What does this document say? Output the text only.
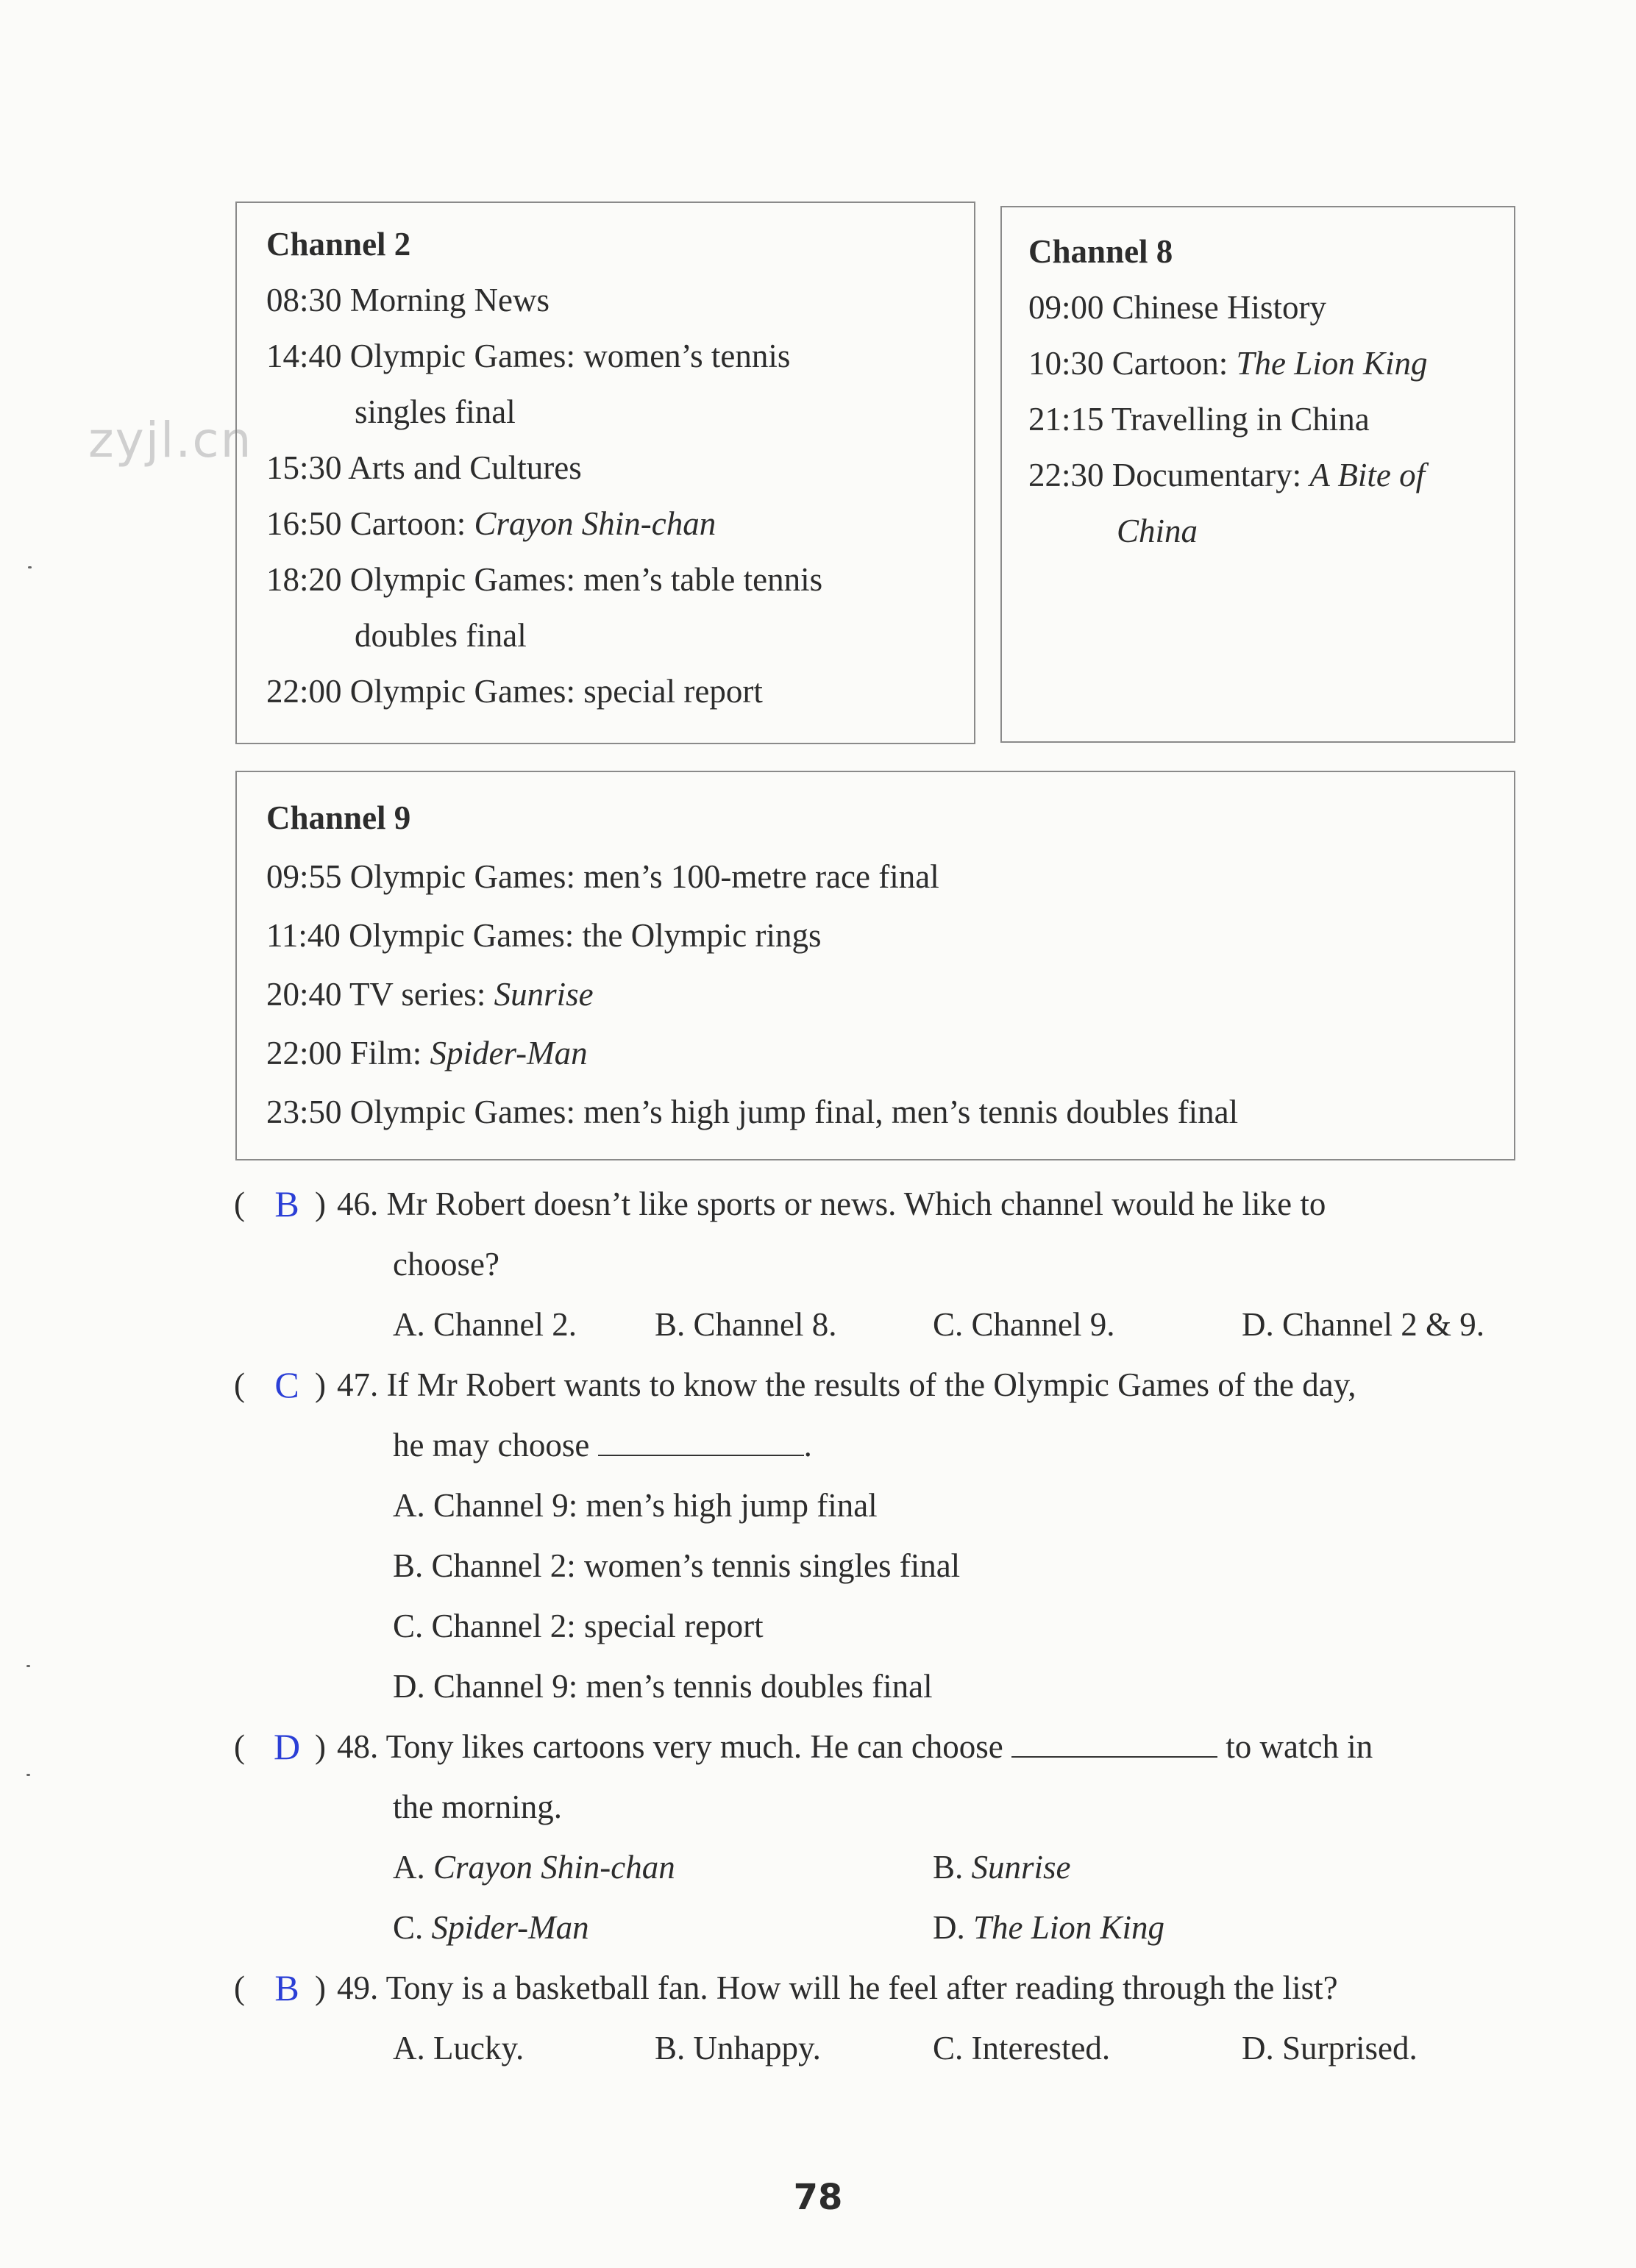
zyjl.cn
Channel 2
08:30 Morning News
14:40 Olympic Games: women’s tennis
singles final
15:30 Arts and Cultures
16:50 Cartoon: Crayon Shin-chan
18:20 Olympic Games: men’s table tennis
doubles final
22:00 Olympic Games: special report
Channel 8
09:00 Chinese History
10:30 Cartoon: The Lion King
21:15 Travelling in China
22:30 Documentary: A Bite of
China
Channel 9
09:55 Olympic Games: men’s 100-metre race final
11:40 Olympic Games: the Olympic rings
20:40 TV series: Sunrise
22:00 Film: Spider-Man
23:50 Olympic Games: men’s high jump final, men’s tennis doubles final
( B ) 46. Mr Robert doesn’t like sports or news. Which channel would he like to
choose?
A. Channel 2. B. Channel 8.	C. Channel 9.	D. Channel 2 & 9.
( C ) 47. If Mr Robert wants to know the results of the Olympic Games of the day,
he may choose	.
A. Channel 9: men’s high jump final
B. Channel 2: women’s tennis singles final
C. Channel 2: special report
D. Channel 9: men’s tennis doubles final
( D ) 48. Tony likes cartoons very much. He can choose	to watch in
the morning.
A. Crayon Shin-chan	B. Sunrise
C. Spider-Man	D. The Lion King
( B ) 49. Tony is a basketball fan. How will he feel after reading through the list?
A. Lucky.	B. Unhappy.	C. Interested.	D. Surprised.
78
